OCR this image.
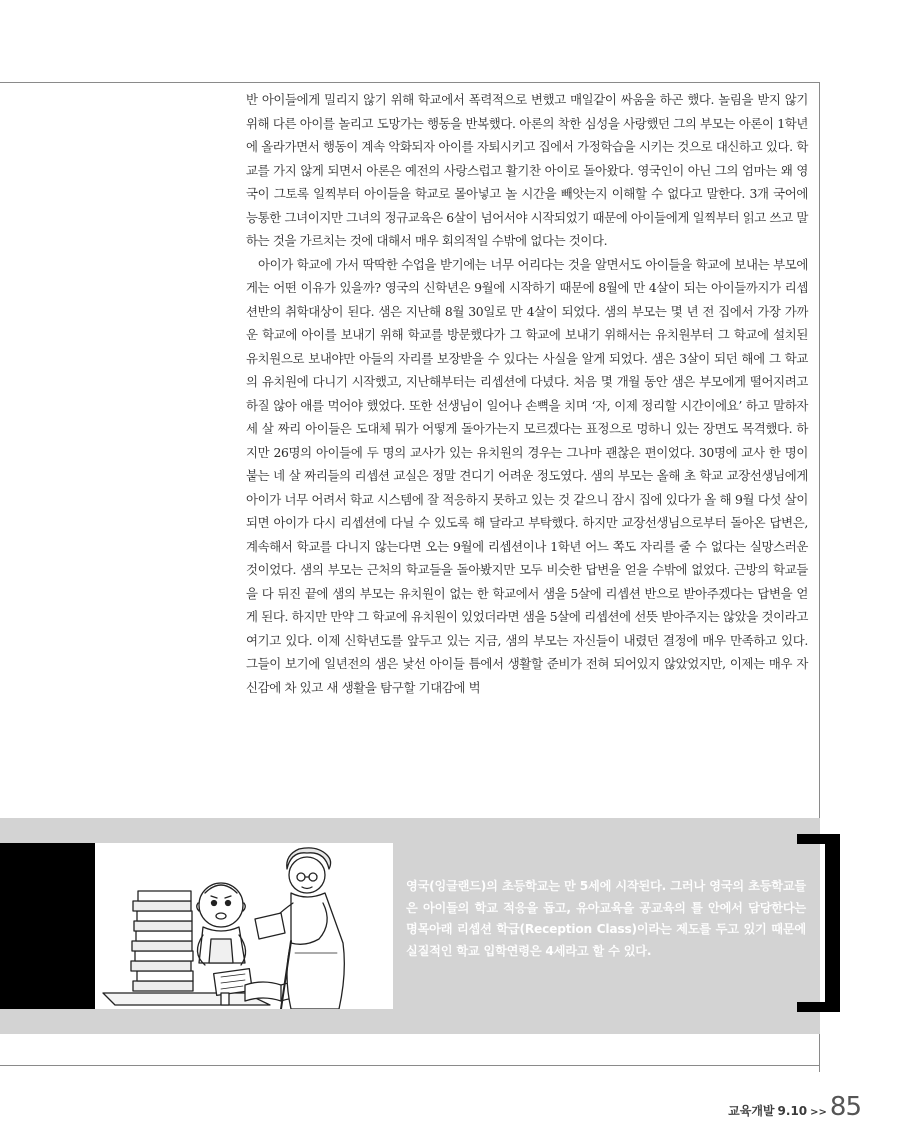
반 아이들에게 밀리지 않기 위해 학교에서 폭력적으로 변했고 매일같이 싸움을 하곤 했다. 놀림을 받지 않기 위해 다른 아이를 놀리고 도망가는 행동을 반복했다. 아론의 착한 심성을 사랑했던 그의 부모는 아론이 1학년에 올라가면서 행동이 계속 악화되자 아이를 자퇴시키고 집에서 가정학습을 시키는 것으로 대신하고 있다. 학교를 가지 않게 되면서 아론은 예전의 사랑스럽고 활기찬 아이로 돌아왔다. 영국인이 아닌 그의 엄마는 왜 영국이 그토록 일찍부터 아이들을 학교로 몰아넣고 놀 시간을 빼앗는지 이해할 수 없다고 말한다. 3개 국어에 능통한 그녀이지만 그녀의 정규교육은 6살이 넘어서야 시작되었기 때문에 아이들에게 일찍부터 읽고 쓰고 말하는 것을 가르치는 것에 대해서 매우 회의적일 수밖에 없다는 것이다.

아이가 학교에 가서 딱딱한 수업을 받기에는 너무 어리다는 것을 알면서도 아이들을 학교에 보내는 부모에게는 어떤 이유가 있을까? 영국의 신학년은 9월에 시작하기 때문에 8월에 만 4살이 되는 아이들까지가 리셉션반의 취학대상이 된다. 샘은 지난해 8월 30일로 만 4살이 되었다. 샘의 부모는 몇 년 전 집에서 가장 가까운 학교에 아이를 보내기 위해 학교를 방문했다가 그 학교에 보내기 위해서는 유치원부터 그 학교에 설치된 유치원으로 보내야만 아들의 자리를 보장받을 수 있다는 사실을 알게 되었다. 샘은 3살이 되던 해에 그 학교의 유치원에 다니기 시작했고, 지난해부터는 리셉션에 다녔다. 처음 몇 개월 동안 샘은 부모에게 떨어지려고 하질 않아 애를 먹어야 했었다. 또한 선생님이 일어나 손뼉을 치며 ‘자, 이제 정리할 시간이에요’ 하고 말하자 세 살 짜리 아이들은 도대체 뭐가 어떻게 돌아가는지 모르겠다는 표정으로 멍하니 있는 장면도 목격했다. 하지만 26명의 아이들에 두 명의 교사가 있는 유치원의 경우는 그나마 괜찮은 편이었다. 30명에 교사 한 명이 붙는 네 살 짜리들의 리셉션 교실은 정말 견디기 어려운 정도였다. 샘의 부모는 올해 초 학교 교장선생님에게 아이가 너무 어려서 학교 시스템에 잘 적응하지 못하고 있는 것 같으니 잠시 집에 있다가 올 해 9월 다섯 살이 되면 아이가 다시 리셉션에 다닐 수 있도록 해 달라고 부탁했다. 하지만 교장선생님으로부터 돌아온 답변은, 계속해서 학교를 다니지 않는다면 오는 9월에 리셉션이나 1학년 어느 쪽도 자리를 줄 수 없다는 실망스러운 것이었다. 샘의 부모는 근처의 학교들을 돌아봤지만 모두 비슷한 답변을 얻을 수밖에 없었다. 근방의 학교들을 다 뒤진 끝에 샘의 부모는 유치원이 없는 한 학교에서 샘을 5살에 리셉션 반으로 받아주겠다는 답변을 얻게 된다. 하지만 만약 그 학교에 유치원이 있었더라면 샘을 5살에 리셉션에 선뜻 받아주지는 않았을 것이라고 여기고 있다. 이제 신학년도를 앞두고 있는 지금, 샘의 부모는 자신들이 내렸던 결정에 매우 만족하고 있다. 그들이 보기에 일년전의 샘은 낯선 아이들 틈에서 생활할 준비가 전혀 되어있지 않았었지만, 이제는 매우 자신감에 차 있고 새 생활을 탐구할 기대감에 벅

영국(잉글랜드)의 초등학교는 만 5세에 시작된다. 그러나 영국의 초등학교들은 아이들의 학교 적응을 돕고, 유아교육을 공교육의 틀 안에서 담당한다는 명목아래 리셉션 학급(Reception Class)이라는 제도를 두고 있기 때문에 실질적인 학교 입학연령은 4세라고 할 수 있다.
교육개발 9.10 >> 85
